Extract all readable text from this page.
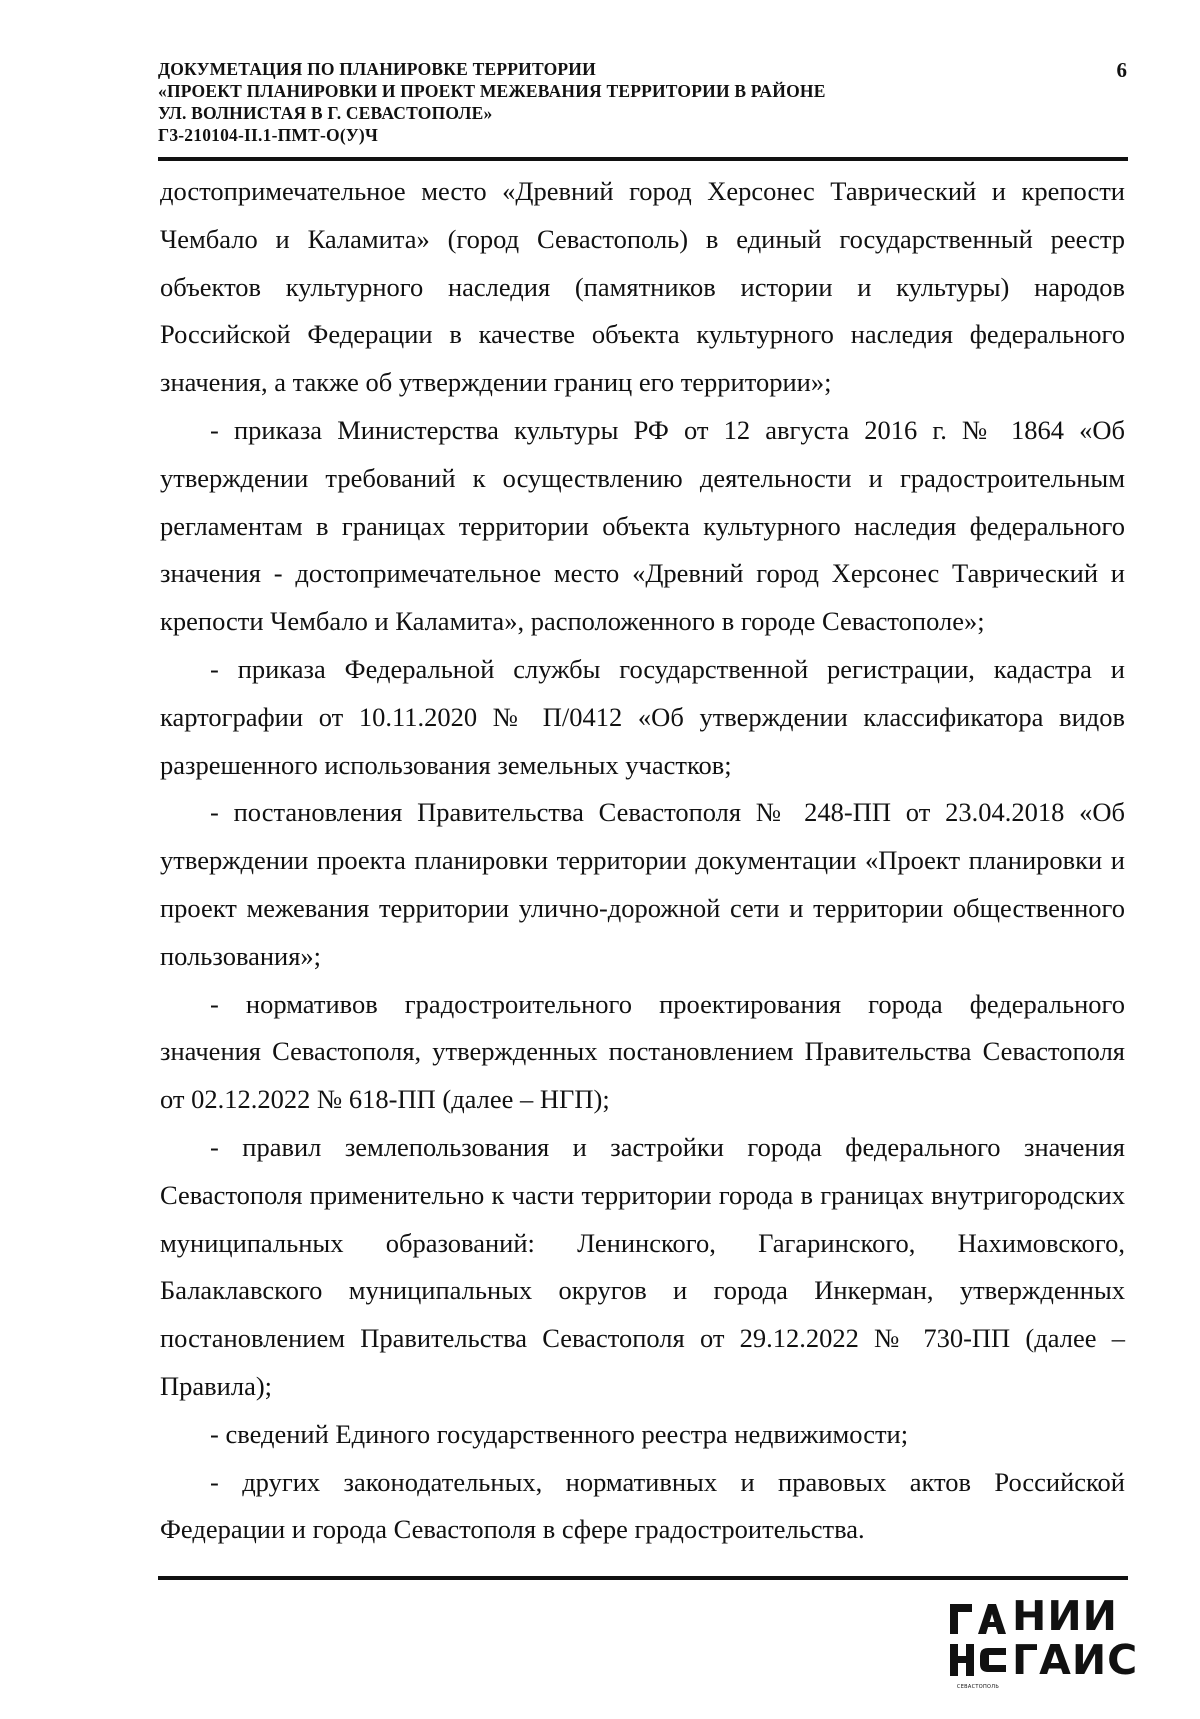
ДОКУМЕТАЦИЯ ПО ПЛАНИРОВКЕ ТЕРРИТОРИИ
«ПРОЕКТ ПЛАНИРОВКИ И ПРОЕКТ МЕЖЕВАНИЯ ТЕРРИТОРИИ В РАЙОНЕ
УЛ. ВОЛНИСТАЯ В Г. СЕВАСТОПОЛЕ»
Г3-210104-II.1-ПМТ-О(У)Ч
6

достопримечательное место «Древний город Херсонес Таврический и крепости Чембало и Каламита» (город Севастополь) в единый государственный реестр объектов культурного наследия (памятников истории и культуры) народов Российской Федерации в качестве объекта культурного наследия федерального значения, а также об утверждении границ его территории»;

- приказа Министерства культуры РФ от 12 августа 2016 г. № 1864 «Об утверждении требований к осуществлению деятельности и градостроительным регламентам в границах территории объекта культурного наследия федерального значения - достопримечательное место «Древний город Херсонес Таврический и крепости Чембало и Каламита», расположенного в городе Севастополе»;

- приказа Федеральной службы государственной регистрации, кадастра и картографии от 10.11.2020 № П/0412 «Об утверждении классификатора видов разрешенного использования земельных участков;

- постановления Правительства Севастополя № 248-ПП от 23.04.2018 «Об утверждении проекта планировки территории документации «Проект планировки и проект межевания территории улично-дорожной сети и территории общественного пользования»;

- нормативов градостроительного проектирования города федерального значения Севастополя, утвержденных постановлением Правительства Севастополя от 02.12.2022 № 618-ПП (далее – НГП);

- правил землепользования и застройки города федерального значения Севастополя применительно к части территории города в границах внутригородских муниципальных образований: Ленинского, Гагаринского, Нахимовского, Балаклавского муниципальных округов и города Инкерман, утвержденных постановлением Правительства Севастополя от 29.12.2022 № 730-ПП (далее – Правила);

- сведений Единого государственного реестра недвижимости;

- других законодательных, нормативных и правовых актов Российской Федерации и города Севастополя в сфере градостроительства.

НИИ
ГАИС
СЕВАСТОПОЛЬ
